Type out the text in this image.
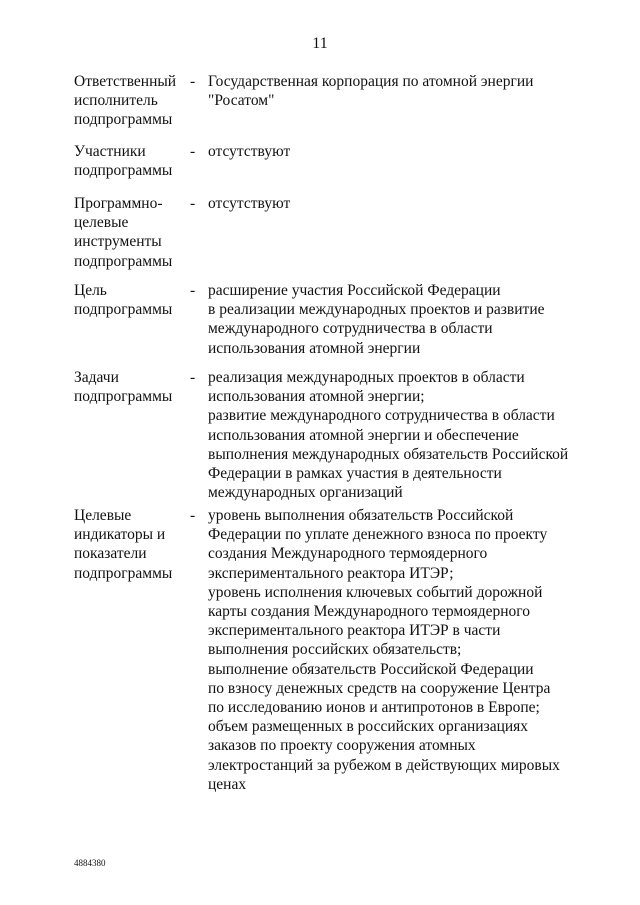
11
Ответственный
исполнитель
подпрограммы
- Государственная корпорация по атомной энергии
"Росатом"
Участники
подпрограммы
- отсутствуют
Программно-
целевые
инструменты
подпрограммы
- отсутствуют
Цель
подпрограммы
- расширение участия Российской Федерации
в реализации международных проектов и развитие
международного сотрудничества в области
использования атомной энергии
Задачи
подпрограммы
- реализация международных проектов в области
использования атомной энергии;
развитие международного сотрудничества в области
использования атомной энергии и обеспечение
выполнения международных обязательств Российской
Федерации в рамках участия в деятельности
международных организаций
Целевые
индикаторы и
показатели
подпрограммы
- уровень выполнения обязательств Российской
Федерации по уплате денежного взноса по проекту
создания Международного термоядерного
экспериментального реактора ИТЭР;
уровень исполнения ключевых событий дорожной
карты создания Международного термоядерного
экспериментального реактора ИТЭР в части
выполнения российских обязательств;
выполнение обязательств Российской Федерации
по взносу денежных средств на сооружение Центра
по исследованию ионов и антипротонов в Европе;
объем размещенных в российских организациях
заказов по проекту сооружения атомных
электростанций за рубежом в действующих мировых
ценах
4884380
